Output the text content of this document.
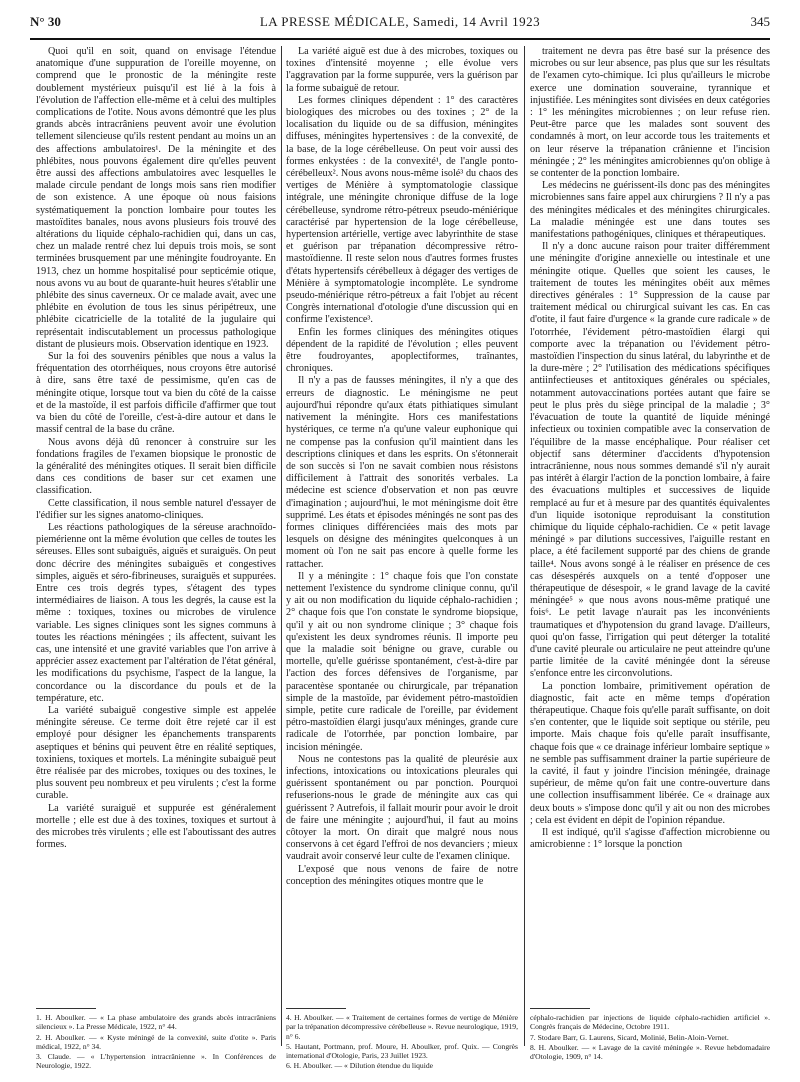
N° 30	LA PRESSE MÉDICALE, Samedi, 14 Avril 1923	345

Quoi qu'il en soit, quand on envisage l'étendue anatomique d'une suppuration de l'oreille moyenne, on comprend que le pronostic de la méningite reste doublement mystérieux puisqu'il est lié à la fois à l'évolution de l'affection elle-même et à celui des multiples complications de l'otite. Nous avons démontré que les plus grands abcès intracrâniens peuvent avoir une évolution tellement silencieuse qu'ils restent pendant au moins un an des affections ambulatoires¹. De la méningite et des phlébites, nous pouvons également dire qu'elles peuvent être aussi des affections ambulatoires avec lesquelles le malade circule pendant de longs mois sans rien modifier de son existence. A une époque où nous faisions systématiquement la ponction lombaire pour toutes les mastoïdites banales, nous avons plusieurs fois trouvé des altérations du liquide céphalo-rachidien qui, dans un cas, chez un malade rentré chez lui depuis trois mois, se sont terminées brusquement par une méningite foudroyante. En 1913, chez un homme hospitalisé pour septicémie otique, nous avons vu au bout de quarante-huit heures s'établir une phlébite des sinus caverneux. Or ce malade avait, avec une phlébite en évolution de tous les sinus péripétreux, une phlébite cicatricielle de la totalité de la jugulaire qui représentait indiscutablement un processus pathologique distant de plusieurs mois. Observation identique en 1923.

Sur la foi des souvenirs pénibles que nous a valus la fréquentation des otorrhéiques, nous croyons être autorisé à dire, sans être taxé de pessimisme, qu'en cas de méningite otique, lorsque tout va bien du côté de la caisse et de la mastoïde, il est parfois difficile d'affirmer que tout va bien du côté de l'oreille, c'est-à-dire autour et dans le massif central de la base du crâne.

Nous avons déjà dû renoncer à construire sur les fondations fragiles de l'examen biopsique le pronostic de la généralité des méningites otiques. Il serait bien difficile dans ces conditions de baser sur cet examen une classification.

Cette classification, il nous semble naturel d'essayer de l'édifier sur les signes anatomo-cliniques.

Les réactions pathologiques de la séreuse arachnoïdo-piemérienne ont la même évolution que celles de toutes les séreuses. Elles sont subaiguës, aiguës et suraiguës. On peut donc décrire des méningites subaiguës et congestives simples, aiguës et séro-fibrineuses, suraiguës et suppurées. Entre ces trois degrés types, s'étagent des types intermédiaires de liaison. A tous les degrés, la cause est la même : toxiques, toxines ou microbes de virulence variable. Les signes cliniques sont les signes communs à toutes les réactions méningées ; ils affectent, suivant les cas, une intensité et une gravité variables que l'on arrive à apprécier assez exactement par l'altération de l'état général, les modifications du psychisme, l'aspect de la langue, la concordance ou la discordance du pouls et de la température, etc.

La variété subaiguë congestive simple est appelée méningite séreuse. Ce terme doit être rejeté car il est employé pour désigner les épanchements transparents aseptiques et bénins qui peuvent être en réalité septiques, toxiniens, toxiques et mortels. La méningite subaiguë peut être réalisée par des microbes, toxiques ou des toxines, le plus souvent peu nombreux et peu virulents ; c'est la forme curable.

La variété suraiguë et suppurée est généralement mortelle ; elle est due à des toxines, toxiques et surtout à des microbes très virulents ; elle est l'aboutissant des autres formes.

La variété aiguë est due à des microbes, toxiques ou toxines d'intensité moyenne ; elle évolue vers l'aggravation par la forme suppurée, vers la guérison par la forme subaiguë de retour.

Les formes cliniques dépendent : 1° des caractères biologiques des microbes ou des toxines ; 2° de la localisation du liquide ou de sa diffusion, méningites diffuses, méningites hypertensives : de la convexité, de la base, de la loge cérébelleuse. On peut voir aussi des formes enkystées : de la convexité¹, de l'angle ponto-cérébelleux². Nous avons nous-même isolé³ du chaos des vertiges de Ménière à symptomatologie classique intégrale, une méningite chronique diffuse de la loge cérébelleuse, syndrome rétro-pétreux pseudo-méniérique caractérisé par hypertension de la loge cérébelleuse, hypertension artérielle, vertige avec labyrinthite de stase et guérison par trépanation décompressive rétro-mastoïdienne. Il reste selon nous d'autres formes frustes d'états hypertensifs cérébelleux à dégager des vertiges de Ménière à symptomatologie incomplète. Le syndrome pseudo-méniérique rétro-pétreux a fait l'objet au récent Congrès international d'otologie d'une discussion qui en confirme l'existence³.

Enfin les formes cliniques des méningites otiques dépendent de la rapidité de l'évolution ; elles peuvent être foudroyantes, apoplectiformes, traînantes, chroniques.

Il n'y a pas de fausses méningites, il n'y a que des erreurs de diagnostic. Le méningisme ne peut aujourd'hui répondre qu'aux états pithiatiques simulant nativement la méningite. Hors ces manifestations hystériques, ce terme n'a qu'une valeur euphonique qui ne compense pas la confusion qu'il maintient dans les descriptions cliniques et dans les esprits. On s'étonnerait de son succès si l'on ne savait combien nous résistons difficilement à l'attrait des sonorités verbales. La médecine est science d'observation et non pas œuvre d'imagination ; aujourd'hui, le mot méningisme doit être supprimé. Les états et épisodes méningés ne sont pas des formes cliniques différenciées mais des mots par lesquels on désigne des méningites quelconques à un moment où l'on ne sait pas encore à quelle forme les rattacher.

Il y a méningite : 1° chaque fois que l'on constate nettement l'existence du syndrome clinique connu, qu'il y ait ou non modification du liquide céphalo-rachidien ; 2° chaque fois que l'on constate le syndrome biopsique, qu'il y ait ou non syndrome clinique ; 3° chaque fois qu'existent les deux syndromes réunis. Il importe peu que la maladie soit bénigne ou grave, curable ou mortelle, qu'elle guérisse spontanément, c'est-à-dire par l'action des forces défensives de l'organisme, par paracentèse spontanée ou chirurgicale, par trépanation simple de la mastoïde, par évidement pétro-mastoïdien simple, petite cure radicale de l'oreille, par évidement pétro-mastoïdien élargi jusqu'aux méninges, grande cure radicale de l'otorrhée, par ponction lombaire, par incision méningée.

Nous ne contestons pas la qualité de pleurésie aux infections, intoxications ou intoxications pleurales qui guérissent spontanément ou par ponction. Pourquoi refuserions-nous le grade de méningite aux cas qui guérissent ? Autrefois, il fallait mourir pour avoir le droit de faire une méningite ; aujourd'hui, il faut au moins côtoyer la mort. On dirait que malgré nous nous conservons à cet égard l'effroi de nos devanciers ; mieux vaudrait avoir conservé leur culte de l'examen clinique.

L'exposé que nous venons de faire de notre conception des méningites otiques montre que le

traitement ne devra pas être basé sur la présence des microbes ou sur leur absence, pas plus que sur les résultats de l'examen cyto-chimique. Ici plus qu'ailleurs le microbe exerce une domination souveraine, tyrannique et injustifiée. Les méningites sont divisées en deux catégories : 1° les méningites microbiennes ; on leur refuse rien. Peut-être parce que les malades sont souvent des condamnés à mort, on leur accorde tous les traitements et on leur réserve la trépanation crânienne et l'incision méningée ; 2° les méningites amicrobiennes qu'on oblige à se contenter de la ponction lombaire.

Les médecins ne guérissent-ils donc pas des méningites microbiennes sans faire appel aux chirurgiens ? Il n'y a pas des méningites médicales et des méningites chirurgicales. La maladie méningée est une dans toutes ses manifestations pathogéniques, cliniques et thérapeutiques.

Il n'y a donc aucune raison pour traiter différemment une méningite d'origine annexielle ou intestinale et une méningite otique. Quelles que soient les causes, le traitement de toutes les méningites obéit aux mêmes directives générales : 1° Suppression de la cause par traitement médical ou chirurgical suivant les cas. En cas d'otite, il faut faire d'urgence « la grande cure radicale » de l'otorrhée, l'évidement pétro-mastoïdien élargi qui comporte avec la trépanation ou l'évidement pétro-mastoïdien l'inspection du sinus latéral, du labyrinthe et de la dure-mère ; 2° l'utilisation des médications spécifiques antiinfectieuses et antitoxiques générales ou spéciales, notamment autovaccinations portées autant que faire se peut le plus près du siège principal de la maladie ; 3° l'évacuation de toute la quantité de liquide méningé infectieux ou toxinien compatible avec la conservation de l'équilibre de la masse encéphalique. Pour réaliser cet objectif sans déterminer d'accidents d'hypotension intracrânienne, nous nous sommes demandé s'il n'y aurait pas intérêt à élargir l'action de la ponction lombaire, à faire des évacuations multiples et successives de liquide remplacé au fur et à mesure par des quantités équivalentes d'un liquide isotonique reproduisant la constitution chimique du liquide céphalo-rachidien. Ce « petit lavage méningé » par dilutions successives, l'aiguille restant en place, a été facilement supporté par des chiens de grande taille⁴. Nous avons songé à le réaliser en présence de ces cas désespérés auxquels on a tenté d'opposer une thérapeutique de désespoir, « le grand lavage de la cavité méningée⁵ » que nous avons nous-même pratiqué une fois⁶. Le petit lavage n'aurait pas les inconvénients traumatiques et d'hypotension du grand lavage. D'ailleurs, quoi qu'on fasse, l'irrigation qui peut déterger la totalité d'une cavité pleurale ou articulaire ne peut atteindre qu'une partie limitée de la cavité méningée dont la séreuse s'enfonce entre les circonvolutions.

La ponction lombaire, primitivement opération de diagnostic, fait acte en même temps d'opération thérapeutique. Chaque fois qu'elle paraît suffisante, on doit s'en contenter, que le liquide soit septique ou stérile, peu importe. Mais chaque fois qu'elle paraît insuffisante, chaque fois que « ce drainage inférieur lombaire septique » ne semble pas suffisamment drainer la partie supérieure de la cavité, il faut y joindre l'incision méningée, drainage supérieur, de même qu'on fait une contre-ouverture dans une collection insuffisamment libérée. Ce « drainage aux deux bouts » s'impose donc qu'il y ait ou non des microbes ; cela est évident en dépit de l'opinion répandue.

Il est indiqué, qu'il s'agisse d'affection microbienne ou amicrobienne : 1° lorsque la ponction

1. H. Aboulker. — « La phase ambulatoire des grands abcès intracrâniens silencieux ». La Presse Médicale, 1922, n° 44.
2. H. Aboulker. — « Kyste méningé de la convexité, suite d'otite ». Paris médical, 1922, n° 34.
3. Claude. — « L'hypertension intracrânienne ». In Conférences de Neurologie, 1922.
4. H. Aboulker. — « Traitement de certaines formes de vertige de Ménière par la trépanation décompressive cérébelleuse ». Revue neurologique, 1919, n° 6.
5. Hautant, Portmann, prof. Moure, H. Aboulker, prof. Quix. — Congrès international d'Otologie, Paris, 23 Juillet 1923.
6. H. Aboulker. — « Dilution étendue du liquide
céphalo-rachidien par injections de liquide céphalo-rachidien artificiel ». Congrès français de Médecine, Octobre 1911.
7. Stodare Barr, G. Laurens, Sicard, Molinié, Belin-Aloin-Vernet.
8. H. Aboulker. — « Lavage de la cavité méningée ». Revue hebdomadaire d'Otologie, 1909, n° 14.
